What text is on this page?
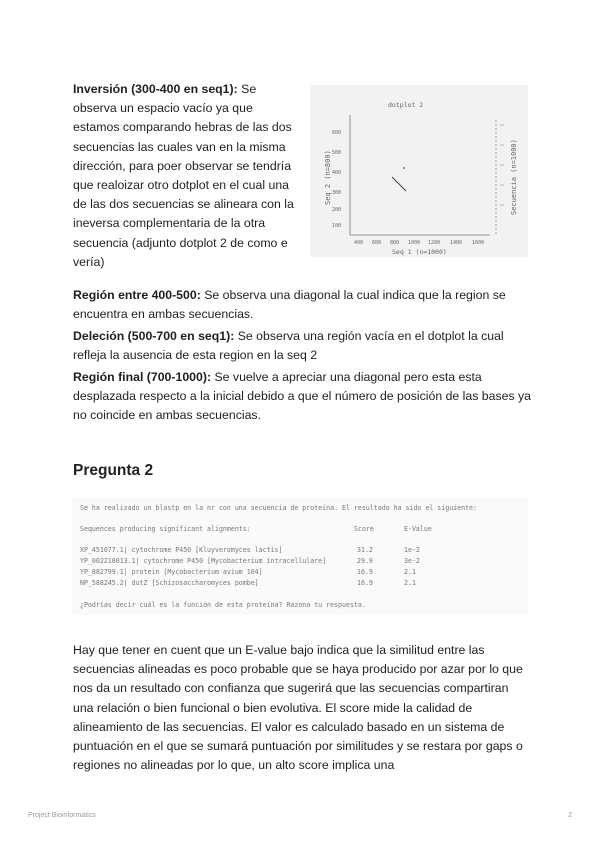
Inversión (300-400 en seq1): Se observa un espacio vacío ya que estamos comparando hebras de las dos secuencias las cuales van en la misma dirección, para poer observar se tendría que realoizar otro dotplot en el cual una de las dos secuencias se alineara con la ineversa complementaria de la otra secuencia (adjunto dotplot 2 de como e vería)
dotplot 2
Seq 2 (n=800)	Secuencia (n=1000)
600
500
400
300
200
100
400 600 800 1000 1200 1400 1600
Seq 1 (n=1000)
Región entre 400-500: Se observa una diagonal la cual indica que la region se encuentra en ambas secuencias.
Deleción (500-700 en seq1): Se observa una región vacía en el dotplot la cual refleja la ausencia de esta region en la seq 2
Región final (700-1000): Se vuelve a apreciar una diagonal pero esta esta desplazada respecto a la inicial debido a que el número de posición de las bases ya no coincide en ambas secuencias.
Pregunta 2
Se ha realizado un blastp en la nr con una secuencia de proteína. El resultado ha sido el siguiente:
Sequences producing significant alignments:	Score	E-Value
XP_451077.1| cytochrome P450 [Kluyveromyces lactis]	31.2	1e-2
YP_002218013.1| cytochrome P450 [Mycobacterium intracellulare]	29.9	3e-2
YP_882799.1| protein [Mycobacterium avium 104]	16.9	2.1
NP_588245.2| dutZ [Schizosaccharomyces pombe]	16.9	2.1
¿Podrías decir cuál es la función de esta proteína? Razona tu respuesta.
Hay que tener en cuent que un E-value bajo indica que la similitud entre las secuencias alineadas es poco probable que se haya producido por azar por lo que nos da un resultado con confianza que sugerirá que las secuencias compartiran una relación o bien funcional o bien evolutiva. El score mide la calidad de alineamiento de las secuencias. El valor es calculado basado en un sistema de puntuación en el que se sumará puntuación por similitudes y se restara por gaps o regiones no alineadas por lo que, un alto score implica una
Project Bioinformatics	2
